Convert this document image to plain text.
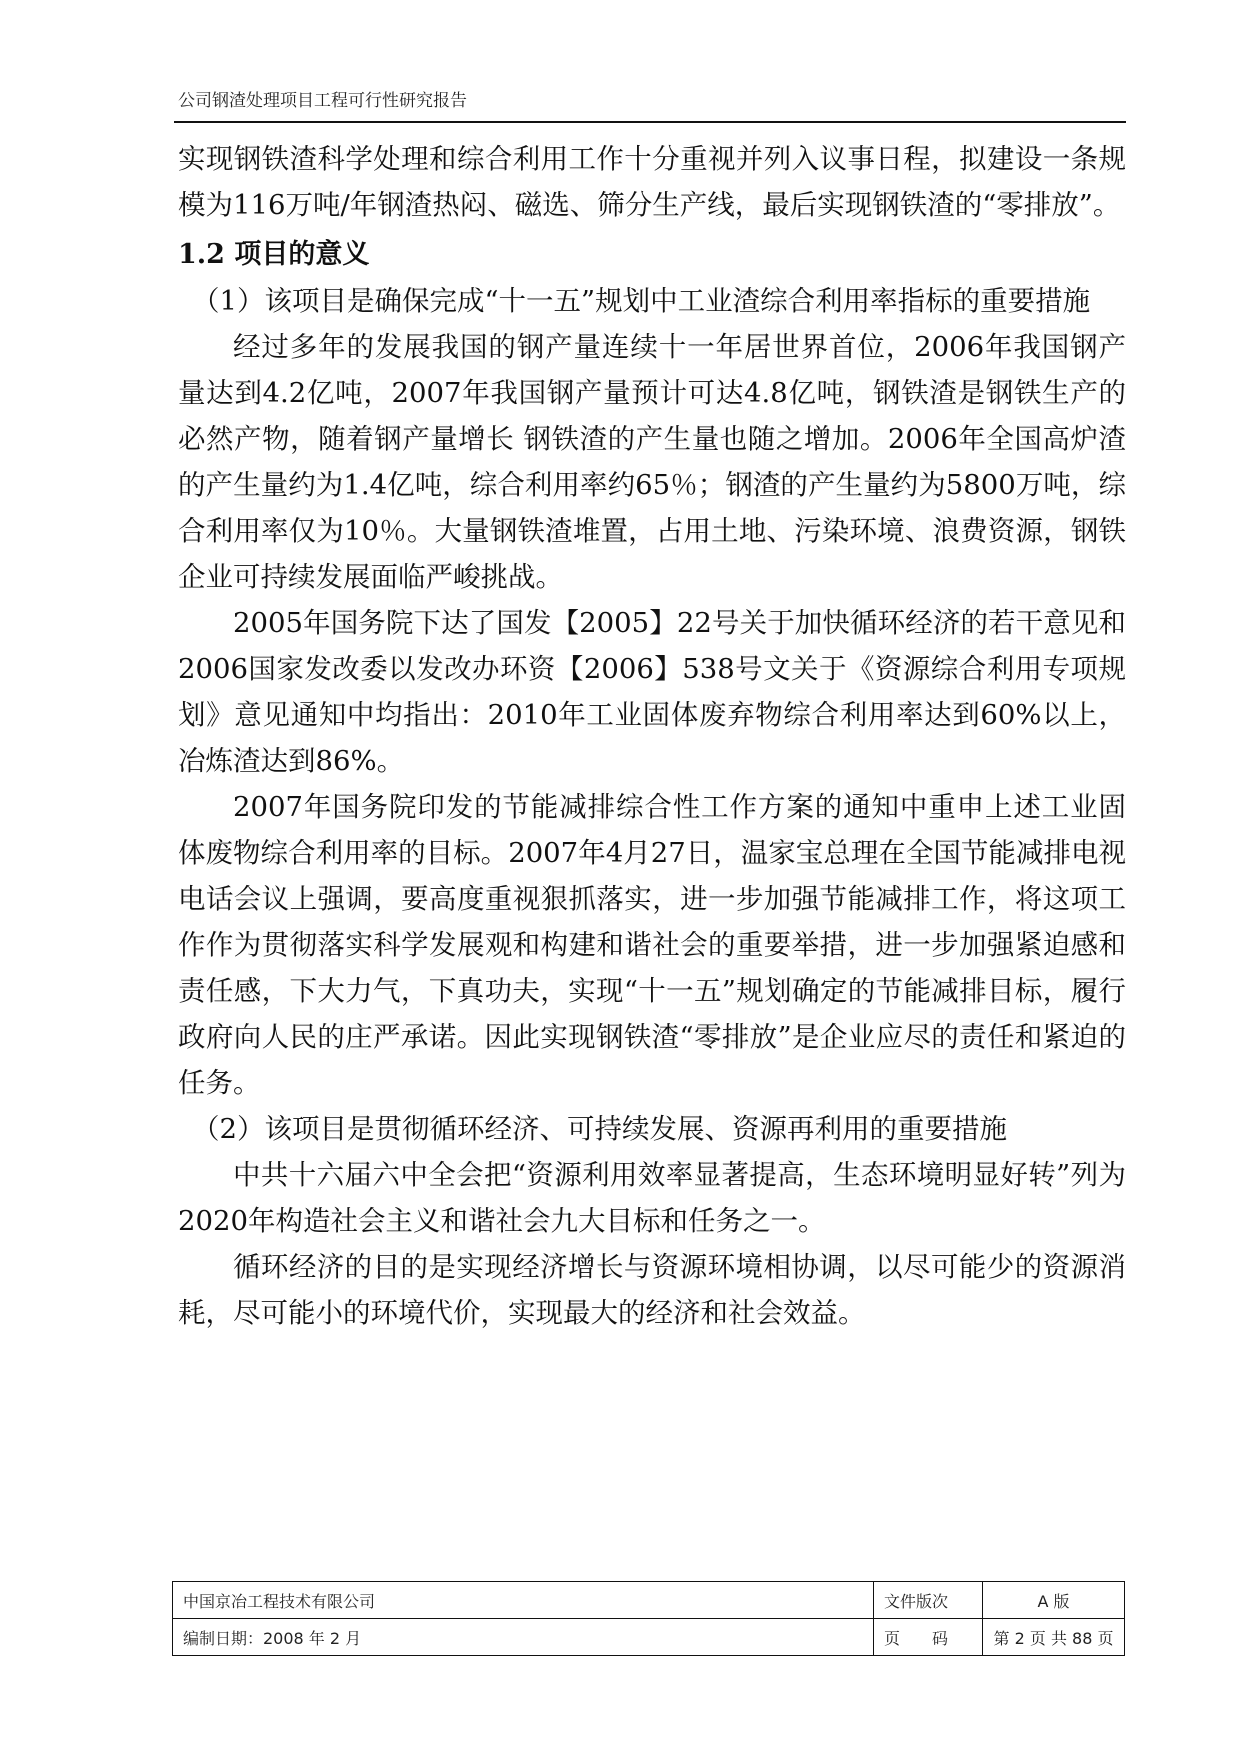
公司钢渣处理项目工程可行性研究报告

实现钢铁渣科学处理和综合利用工作十分重视并列入议事日程，拟建设一条规模为116万吨/年钢渣热闷、磁选、筛分生产线，最后实现钢铁渣的“零排放”。

1.2 项目的意义

（1）该项目是确保完成“十一五”规划中工业渣综合利用率指标的重要措施

经过多年的发展我国的钢产量连续十一年居世界首位，2006年我国钢产量达到4.2亿吨，2007年我国钢产量预计可达4.8亿吨，钢铁渣是钢铁生产的必然产物，随着钢产量增长 钢铁渣的产生量也随之增加。2006年全国高炉渣的产生量约为1.4亿吨，综合利用率约65％；钢渣的产生量约为5800万吨，综合利用率仅为10％。大量钢铁渣堆置，占用土地、污染环境、浪费资源，钢铁企业可持续发展面临严峻挑战。

2005年国务院下达了国发【2005】22号关于加快循环经济的若干意见和2006国家发改委以发改办环资【2006】538号文关于《资源综合利用专项规划》意见通知中均指出：2010年工业固体废弃物综合利用率达到60%以上，冶炼渣达到86%。

2007年国务院印发的节能减排综合性工作方案的通知中重申上述工业固体废物综合利用率的目标。2007年4月27日，温家宝总理在全国节能减排电视电话会议上强调，要高度重视狠抓落实，进一步加强节能减排工作，将这项工作作为贯彻落实科学发展观和构建和谐社会的重要举措，进一步加强紧迫感和责任感，下大力气，下真功夫，实现“十一五”规划确定的节能减排目标，履行政府向人民的庄严承诺。因此实现钢铁渣“零排放”是企业应尽的责任和紧迫的任务。

（2）该项目是贯彻循环经济、可持续发展、资源再利用的重要措施

中共十六届六中全会把“资源利用效率显著提高，生态环境明显好转”列为2020年构造社会主义和谐社会九大目标和任务之一。

循环经济的目的是实现经济增长与资源环境相协调，以尽可能少的资源消耗，尽可能小的环境代价，实现最大的经济和社会效益。

中国京冶工程技术有限公司	文件版次	A 版
编制日期：2008 年 2 月	页　　码	第 2 页 共 88 页
